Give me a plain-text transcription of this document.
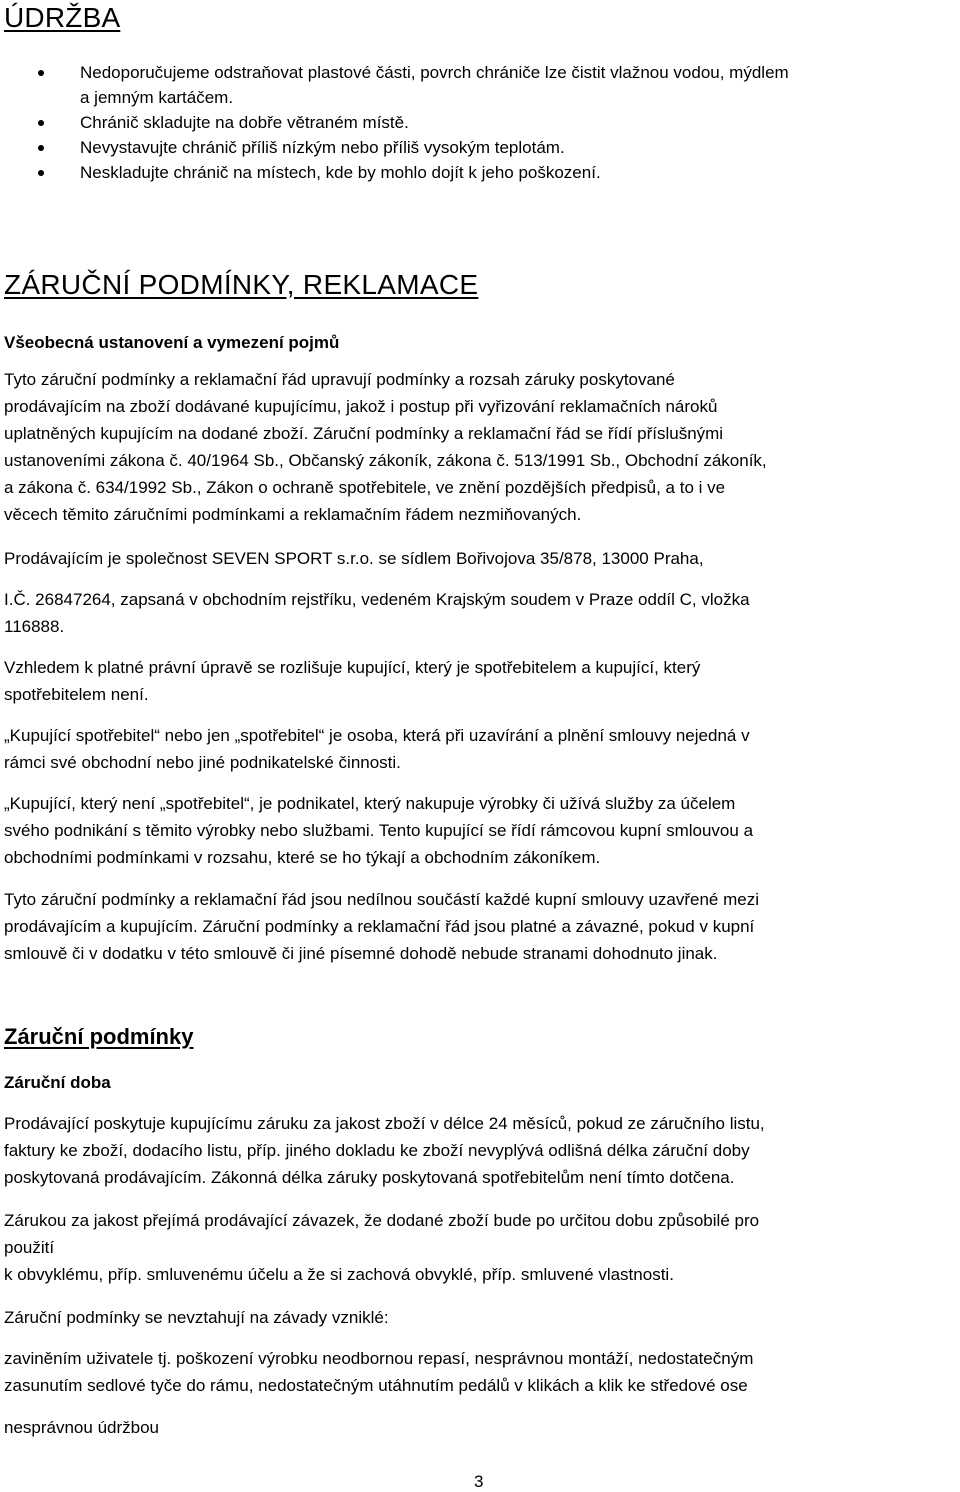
ÚDRŽBA
Nedoporučujeme odstraňovat plastové části, povrch chrániče lze čistit vlažnou vodou, mýdlem
a jemným kartáčem.
Chránič skladujte na dobře větraném místě.
Nevystavujte chránič příliš nízkým nebo příliš vysokým teplotám.
Neskladujte chránič na místech, kde by mohlo dojít k jeho poškození.
ZÁRUČNÍ PODMÍNKY, REKLAMACE

Všeobecná ustanovení a vymezení pojmů

Tyto záruční podmínky a reklamační řád upravují podmínky a rozsah záruky poskytované
prodávajícím na zboží dodávané kupujícímu, jakož i postup při vyřizování reklamačních nároků
uplatněných kupujícím na dodané zboží. Záruční podmínky a reklamační řád se řídí příslušnými
ustanoveními zákona č. 40/1964 Sb., Občanský zákoník, zákona č. 513/1991 Sb., Obchodní zákoník,
a zákona č. 634/1992 Sb., Zákon o ochraně spotřebitele, ve znění pozdějších předpisů, a to i ve
věcech těmito záručními podmínkami a reklamačním řádem nezmiňovaných.

Prodávajícím je společnost SEVEN SPORT s.r.o. se sídlem Bořivojova 35/878, 13000 Praha,

I.Č. 26847264, zapsaná v obchodním rejstříku, vedeném Krajským soudem v Praze oddíl C, vložka
116888.

Vzhledem k platné právní úpravě se rozlišuje kupující, který je spotřebitelem a kupující, který
spotřebitelem není.

„Kupující spotřebitel“ nebo jen „spotřebitel“ je osoba, která při uzavírání a plnění smlouvy nejedná v
rámci své obchodní nebo jiné podnikatelské činnosti.

„Kupující, který není „spotřebitel“, je podnikatel, který nakupuje výrobky či užívá služby za účelem
svého podnikání s těmito výrobky nebo službami. Tento kupující se řídí rámcovou kupní smlouvou a
obchodními podmínkami v rozsahu, které se ho týkají a obchodním zákoníkem.

Tyto záruční podmínky a reklamační řád jsou nedílnou součástí každé kupní smlouvy uzavřené mezi
prodávajícím a kupujícím. Záruční podmínky a reklamační řád jsou platné a závazné, pokud v kupní
smlouvě či v dodatku v této smlouvě či jiné písemné dohodě nebude stranami dohodnuto jinak.

Záruční podmínky

Záruční doba

Prodávající poskytuje kupujícímu záruku za jakost zboží v délce 24 měsíců, pokud ze záručního listu,
faktury ke zboží, dodacího listu, příp. jiného dokladu ke zboží nevyplývá odlišná délka záruční doby
poskytovaná prodávajícím. Zákonná délka záruky poskytovaná spotřebitelům není tímto dotčena.

Zárukou za jakost přejímá prodávající závazek, že dodané zboží bude po určitou dobu způsobilé pro
použití
k obvyklému, příp. smluvenému účelu a že si zachová obvyklé, příp. smluvené vlastnosti.

Záruční podmínky se nevztahují na závady vzniklé:

zaviněním uživatele tj. poškození výrobku neodbornou repasí, nesprávnou montáží, nedostatečným
zasunutím sedlové tyče do rámu, nedostatečným utáhnutím pedálů v klikách a klik ke středové ose

nesprávnou údržbou

3
